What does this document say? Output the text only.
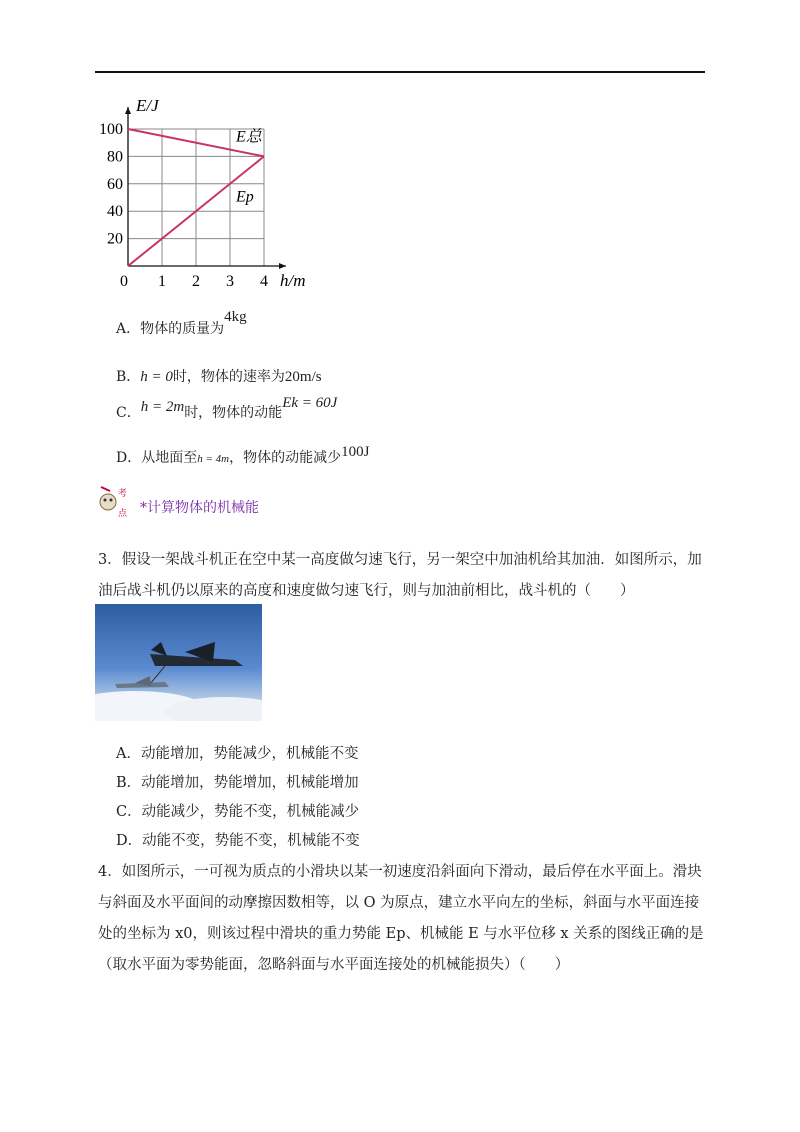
0 1 2 3 4
20
40
60
80
100
E/J
h/m
E总
Ep
A．物体的质量为4kg
B．h = 0时，物体的速率为20m/s
C．h = 2m时，物体的动能Ek = 60J
D．从地面至h = 4m，物体的动能减少100J
考
点 *计算物体的机械能
3．假设一架战斗机正在空中某一高度做匀速飞行，另一架空中加油机给其加油．如图所示，加油后战斗机仍以原来的高度和速度做匀速飞行，则与加油前相比，战斗机的（　　）
A．动能增加，势能减少，机械能不变
B．动能增加，势能增加，机械能增加
C．动能减少，势能不变，机械能减少
D．动能不变，势能不变，机械能不变
4．如图所示，一可视为质点的小滑块以某一初速度沿斜面向下滑动，最后停在水平面上。滑块与斜面及水平面间的动摩擦因数相等，以 O 为原点，建立水平向左的坐标，斜面与水平面连接处的坐标为 x0，则该过程中滑块的重力势能 Ep、机械能 E 与水平位移 x 关系的图线正确的是（取水平面为零势能面，忽略斜面与水平面连接处的机械能损失）（　　）
